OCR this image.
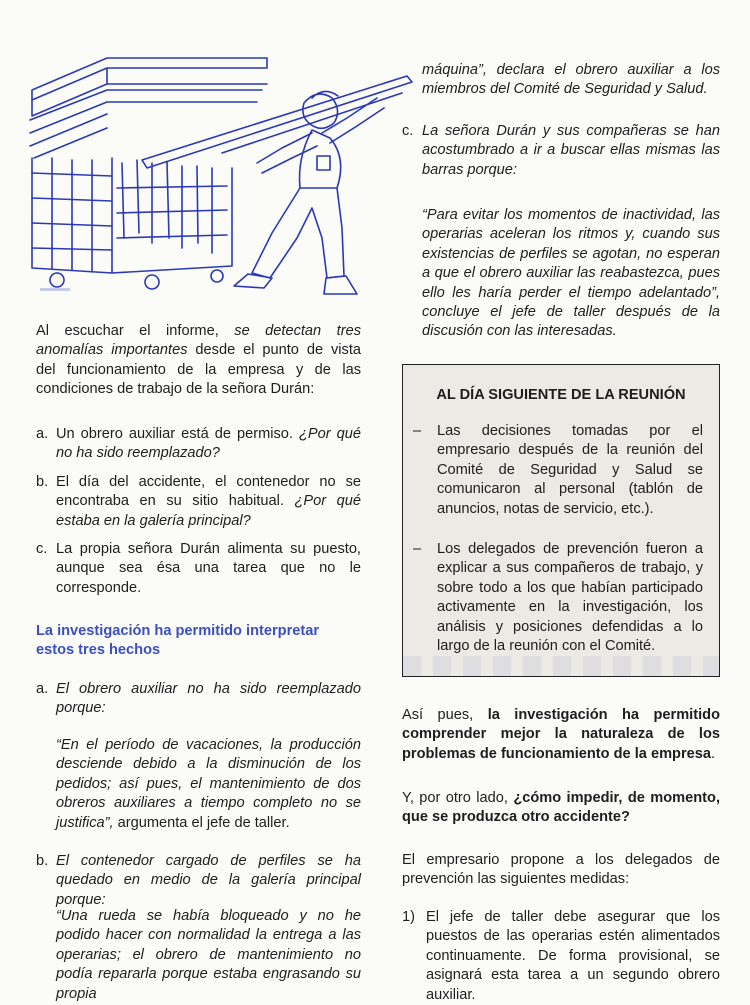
Al escuchar el informe, se detectan tres anomalías importantes desde el punto de vista del funcionamiento de la empresa y de las condiciones de trabajo de la señora Durán:

a. Un obrero auxiliar está de permiso. ¿Por qué no ha sido reemplazado?
b. El día del accidente, el contenedor no se encontraba en su sitio habitual. ¿Por qué estaba en la galería principal?
c. La propia señora Durán alimenta su puesto, aunque sea ésa una tarea que no le corresponde.

La investigación ha permitido interpretar estos tres hechos

a. El obrero auxiliar no ha sido reemplazado porque:

“En el período de vacaciones, la producción desciende debido a la disminución de los pedidos; así pues, el mantenimiento de dos obreros auxiliares a tiempo completo no se justifica”, argumenta el jefe de taller.

b. El contenedor cargado de perfiles se ha quedado en medio de la galería principal porque:

“Una rueda se había bloqueado y no he podido hacer con normalidad la entrega a las operarias; el obrero de mantenimiento no podía repararla porque estaba engrasando su propia

máquina”, declara el obrero auxiliar a los miembros del Comité de Seguridad y Salud.

c. La señora Durán y sus compañeras se han acostumbrado a ir a buscar ellas mismas las barras porque:

“Para evitar los momentos de inactividad, las operarias aceleran los ritmos y, cuando sus existencias de perfiles se agotan, no esperan a que el obrero auxiliar las reabastezca, pues ello les haría perder el tiempo adelantado”, concluye el jefe de taller después de la discusión con las interesadas.

AL DÍA SIGUIENTE DE LA REUNIÓN
– Las decisiones tomadas por el empresario después de la reunión del Comité de Seguridad y Salud se comunicaron al personal (tablón de anuncios, notas de servicio, etc.).
– Los delegados de prevención fueron a explicar a sus compañeros de trabajo, y sobre todo a los que habían participado activamente en la investigación, los análisis y posiciones defendidas a lo largo de la reunión con el Comité.

Así pues, la investigación ha permitido comprender mejor la naturaleza de los problemas de funcionamiento de la empresa.

Y, por otro lado, ¿cómo impedir, de momento, que se produzca otro accidente?

El empresario propone a los delegados de prevención las siguientes medidas:

1) El jefe de taller debe asegurar que los puestos de las operarias estén alimentados continuamente. De forma provisional, se asignará esta tarea a un segundo obrero auxiliar.
